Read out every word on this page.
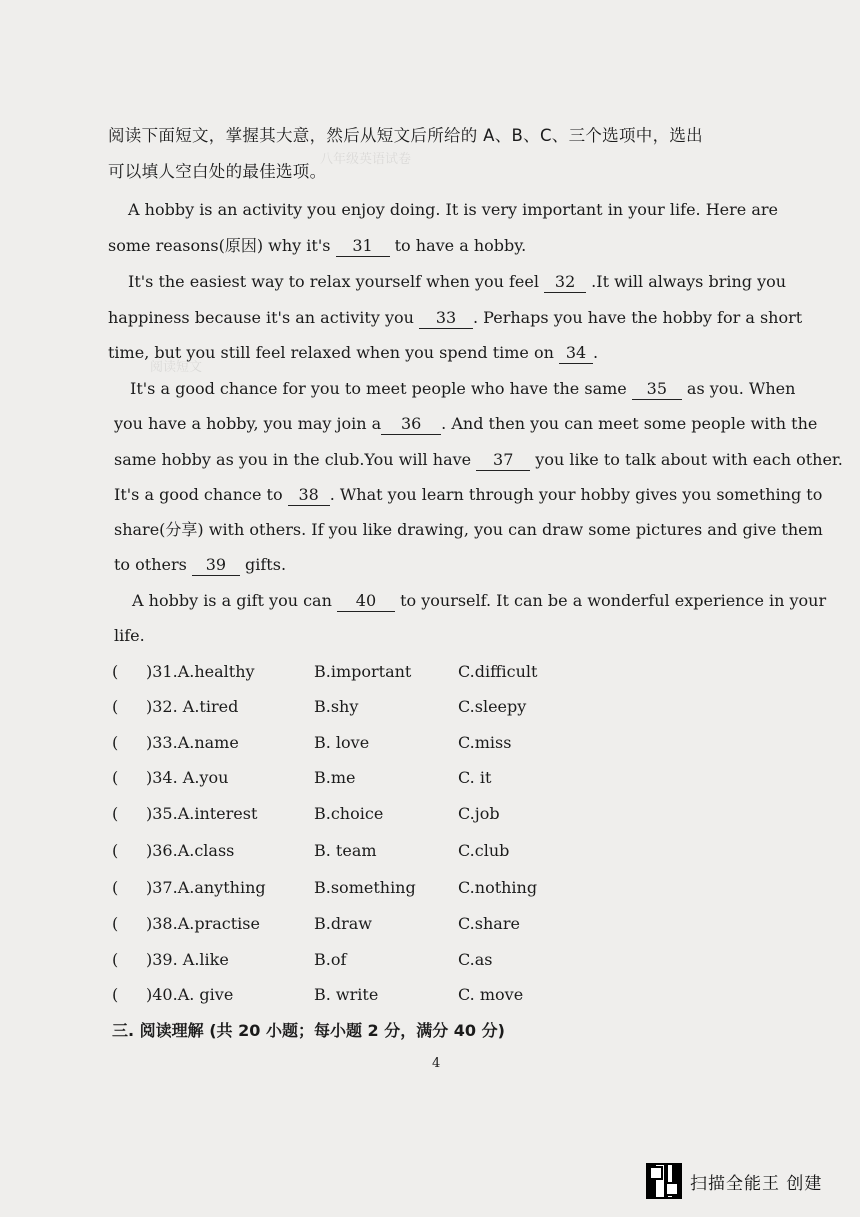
八年级英语试卷
阅读短文
阅读下面短文，掌握其大意，然后从短文后所给的 A、B、C、三个选项中，选出
可以填人空白处的最佳选项。
A hobby is an activity you enjoy doing. It is very important in your life. Here are
some reasons(原因) why it's 31 to have a hobby.
It's the easiest way to relax yourself when you feel 32 .It will always bring you
happiness because it's an activity you 33 . Perhaps you have the hobby for a short
time, but you still feel relaxed when you spend time on 34 .
It's a good chance for you to meet people who have the same 35 as you. When
you have a hobby, you may join a 36 . And then you can meet some people with the
same hobby as you in the club.You will have 37 you like to talk about with each other.
It's a good chance to 38 . What you learn through your hobby gives you something to
share(分享) with others. If you like drawing, you can draw some pictures and give them
to others 39 gifts.
A hobby is a gift you can 40 to yourself. It can be a wonderful experience in your
life.
(	)31.A.healthy	B.important	C.difficult
(	)32. A.tired	B.shy	C.sleepy
(	)33.A.name	B. love	C.miss
(	)34. A.you	B.me	C. it
(	)35.A.interest	B.choice	C.job
(	)36.A.class	B. team	C.club
(	)37.A.anything	B.something	C.nothing
(	)38.A.practise	B.draw	C.share
(	)39. A.like	B.of	C.as
(	)40.A. give	B. write	C. move
三. 阅读理解 (共 20 小题；每小题 2 分，满分 40 分)
4
扫描全能王 创建
